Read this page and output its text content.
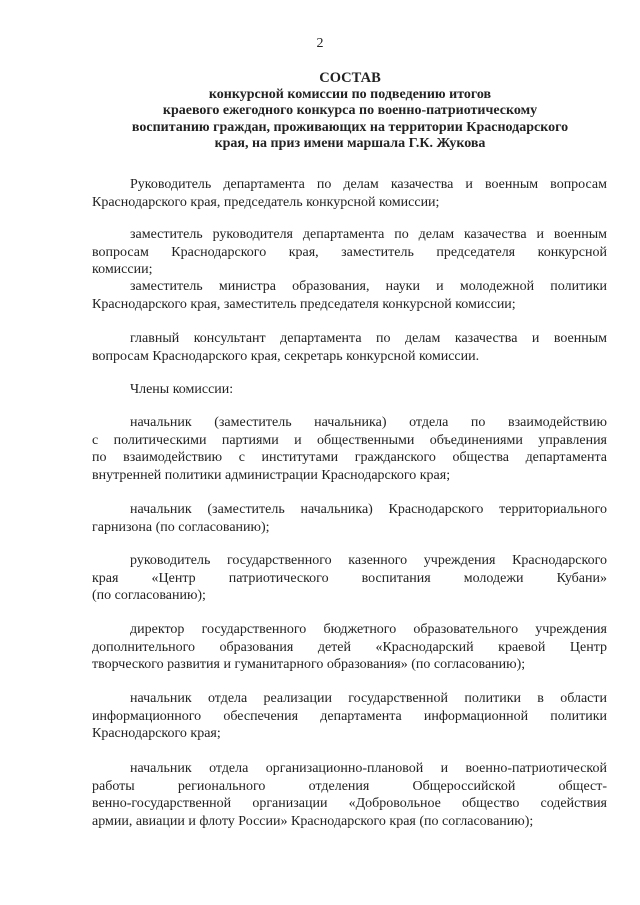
2
СОСТАВ
конкурсной комиссии по подведению итогов
краевого ежегодного конкурса по военно-патриотическому
воспитанию граждан, проживающих на территории Краснодарского
края, на приз имени маршала Г.К. Жукова
Руководитель департамента по делам казачества и военным вопросам
Краснодарского края, председатель конкурсной комиссии;
заместитель руководителя департамента по делам казачества и военным
вопросам Краснодарского края, заместитель председателя конкурсной
комиссии;
заместитель министра образования, науки и молодежной политики
Краснодарского края, заместитель председателя конкурсной комиссии;
главный консультант департамента по делам казачества и военным
вопросам Краснодарского края, секретарь конкурсной комиссии.
Члены комиссии:
начальник (заместитель начальника) отдела по взаимодействию
с политическими партиями и общественными объединениями управления
по взаимодействию с институтами гражданского общества департамента
внутренней политики администрации Краснодарского края;
начальник (заместитель начальника) Краснодарского территориального
гарнизона (по согласованию);
руководитель государственного казенного учреждения Краснодарского
края «Центр патриотического воспитания молодежи Кубани»
(по согласованию);
директор государственного бюджетного образовательного учреждения
дополнительного образования детей «Краснодарский краевой Центр
творческого развития и гуманитарного образования» (по согласованию);
начальник отдела реализации государственной политики в области
информационного обеспечения департамента информационной политики
Краснодарского края;
начальник отдела организационно-плановой и военно-патриотической
работы регионального отделения Общероссийской общест-
венно-государственной организации «Добровольное общество содействия
армии, авиации и флоту России» Краснодарского края (по согласованию);
